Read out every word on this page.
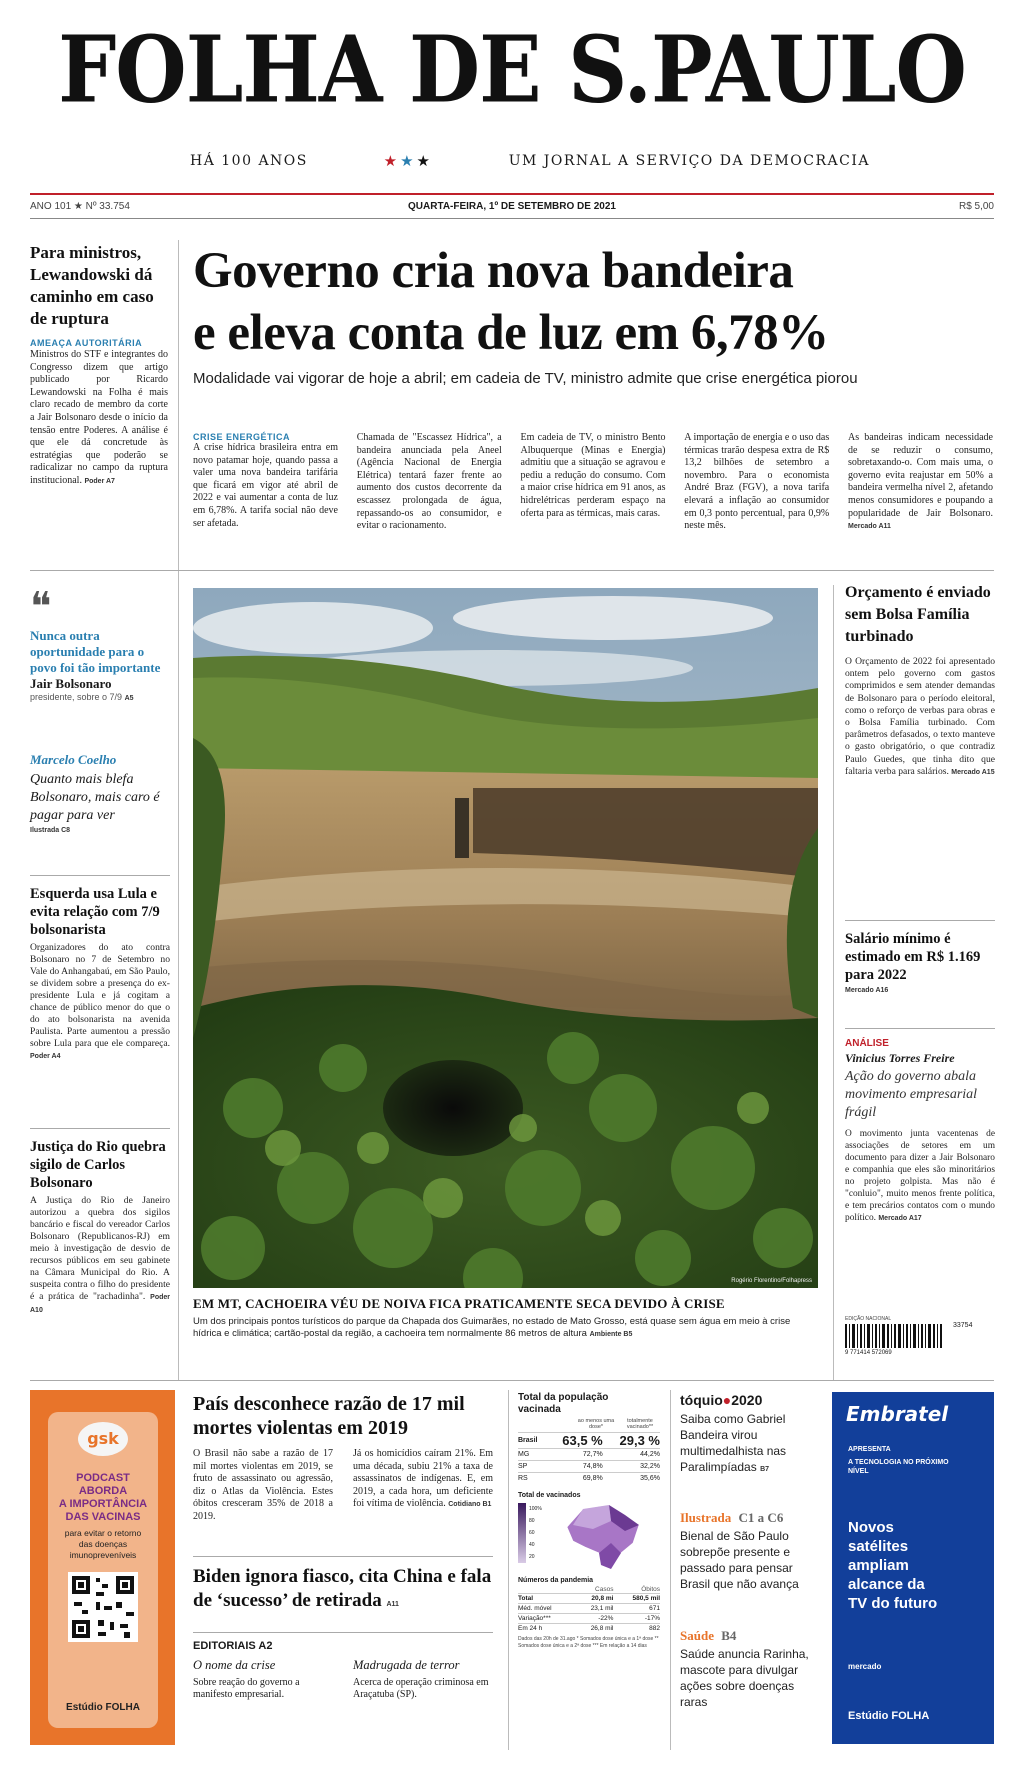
FOLHA DE S.PAULO
HÁ 100 ANOS	★★★	UM JORNAL A SERVIÇO DA DEMOCRACIA
ANO 101 ★ Nº 33.754	QUARTA-FEIRA, 1º DE SETEMBRO DE 2021	R$ 5,00
Para ministros, Lewandowski dá caminho em caso de ruptura
AMEAÇA AUTORITÁRIA
Ministros do STF e integrantes do Congresso dizem que artigo publicado por Ricardo Lewandowski na Folha é mais claro recado de membro da corte a Jair Bolsonaro desde o início da tensão entre Poderes. A análise é que ele dá concretude às estratégias que poderão se radicalizar no campo da ruptura institucional. Poder A7
Governo cria nova bandeira
e eleva conta de luz em 6,78%
Modalidade vai vigorar de hoje a abril; em cadeia de TV, ministro admite que crise energética piorou
CRISE ENERGÉTICA
A crise hídrica brasileira entra em novo patamar hoje, quando passa a valer uma nova bandeira tarifária que ficará em vigor até abril de 2022 e vai aumentar a conta de luz em 6,78%. A tarifa social não deve ser afetada.
Chamada de "Escassez Hídrica", a bandeira anunciada pela Aneel (Agência Nacional de Energia Elétrica) tentará fazer frente ao aumento dos custos decorrente da escassez prolongada de água, repassando-os ao consumidor, e evitar o racionamento.
Em cadeia de TV, o ministro Bento Albuquerque (Minas e Energia) admitiu que a situação se agravou e pediu a redução do consumo. Com a maior crise hídrica em 91 anos, as hidrelétricas perderam espaço na oferta para as térmicas, mais caras.
A importação de energia e o uso das térmicas trarão despesa extra de R$ 13,2 bilhões de setembro a novembro. Para o economista André Braz (FGV), a nova tarifa elevará a inflação ao consumidor em 0,3 ponto percentual, para 0,9% neste mês.
As bandeiras indicam necessidade de se reduzir o consumo, sobretaxando-o. Com mais uma, o governo evita reajustar em 50% a bandeira vermelha nível 2, afetando menos consumidores e poupando a popularidade de Jair Bolsonaro. Mercado A11
❝
Nunca outra oportunidade para o povo foi tão importante
Jair Bolsonaro
presidente, sobre o 7/9 A5
Marcelo Coelho
Quanto mais blefa Bolsonaro, mais caro é pagar para ver
Ilustrada C8
Esquerda usa Lula e evita relação com 7/9 bolsonarista
Organizadores do ato contra Bolsonaro no 7 de Setembro no Vale do Anhangabaú, em São Paulo, se dividem sobre a presença do ex-presidente Lula e já cogitam a chance de público menor do que o do ato bolsonarista na avenida Paulista. Parte aumentou a pressão sobre Lula para que ele compareça. Poder A4
Justiça do Rio quebra sigilo de Carlos Bolsonaro
A Justiça do Rio de Janeiro autorizou a quebra dos sigilos bancário e fiscal do vereador Carlos Bolsonaro (Republicanos-RJ) em meio à investigação de desvio de recursos públicos em seu gabinete na Câmara Municipal do Rio. A suspeita contra o filho do presidente é a prática de "rachadinha". Poder A10
Rogério Florentino/Folhapress
EM MT, CACHOEIRA VÉU DE NOIVA FICA PRATICAMENTE SECA DEVIDO À CRISE
Um dos principais pontos turísticos do parque da Chapada dos Guimarães, no estado de Mato Grosso, está quase sem água em meio à crise hídrica e climática; cartão-postal da região, a cachoeira tem normalmente 86 metros de altura Ambiente B5
Orçamento é enviado sem Bolsa Família turbinado
O Orçamento de 2022 foi apresentado ontem pelo governo com gastos comprimidos e sem atender demandas de Bolsonaro para o período eleitoral, como o reforço de verbas para obras e o Bolsa Família turbinado. Com parâmetros defasados, o texto manteve o gasto obrigatório, o que contradiz Paulo Guedes, que tinha dito que faltaria verba para salários. Mercado A15
Salário mínimo é estimado em R$ 1.169 para 2022
Mercado A16
ANÁLISE
Vinicius Torres Freire
Ação do governo abala movimento empresarial frágil
O movimento junta vacentenas de associações de setores em um documento para dizer a Jair Bolsonaro e companhia que eles são minoritários no projeto golpista. Mas não é "conluio", muito menos frente política, e tem precários contatos com o mundo político. Mercado A17
EDIÇÃO NACIONAL
9 771414 572069
33754
gsk
PODCAST
ABORDA
A IMPORTÂNCIA
DAS VACINAS
para evitar o retorno
das doenças
imunopreveníveis
Estúdio FOLHA
País desconhece razão de 17 mil mortes violentas em 2019
O Brasil não sabe a razão de 17 mil mortes violentas em 2019, se fruto de assassinato ou agressão, diz o Atlas da Violência. Estes óbitos cresceram 35% de 2018 a 2019.
Já os homicídios caíram 21%. Em uma década, subiu 21% a taxa de assassinatos de indígenas. E, em 2019, a cada hora, um deficiente foi vítima de violência. Cotidiano B1
Biden ignora fiasco, cita China e fala de ‘sucesso’ de retirada A11
EDITORIAIS A2
O nome da crise
Sobre reação do governo a manifesto empresarial.
Madrugada de terror
Acerca de operação criminosa em Araçatuba (SP).
Total da população vacinada
ao menos uma dose*
totalmente vacinado**
Brasil	63,5 %	29,3 %
MG	72,7%	44,2%
SP	74,8%	32,2%
RS	69,8%	35,6%
Total de vacinados
100%
80
60
40
20
Números da pandemia
	Casos	Óbitos
Total	20,8 mi	580,5 mil
Méd. móvel	23,1 mil	671
Variação***	-22%	-17%
Em 24 h	26,8 mil	882
Dados das 20h de 31.ago * Somados dose única e a 1ª dose ** Somados dose única e a 2ª dose *** Em relação a 14 dias
tóquio●2020
Saiba como Gabriel Bandeira virou multimedalhista nas Paralimpíadas B7
Ilustrada C1 a C6
Bienal de São Paulo sobrepõe presente e passado para pensar Brasil que não avança
Saúde B4
Saúde anuncia Rarinha, mascote para divulgar ações sobre doenças raras
Embratel
APRESENTA
A TECNOLOGIA NO PRÓXIMO NÍVEL
Novos satélites ampliam alcance da TV do futuro
mercado
Estúdio FOLHA
